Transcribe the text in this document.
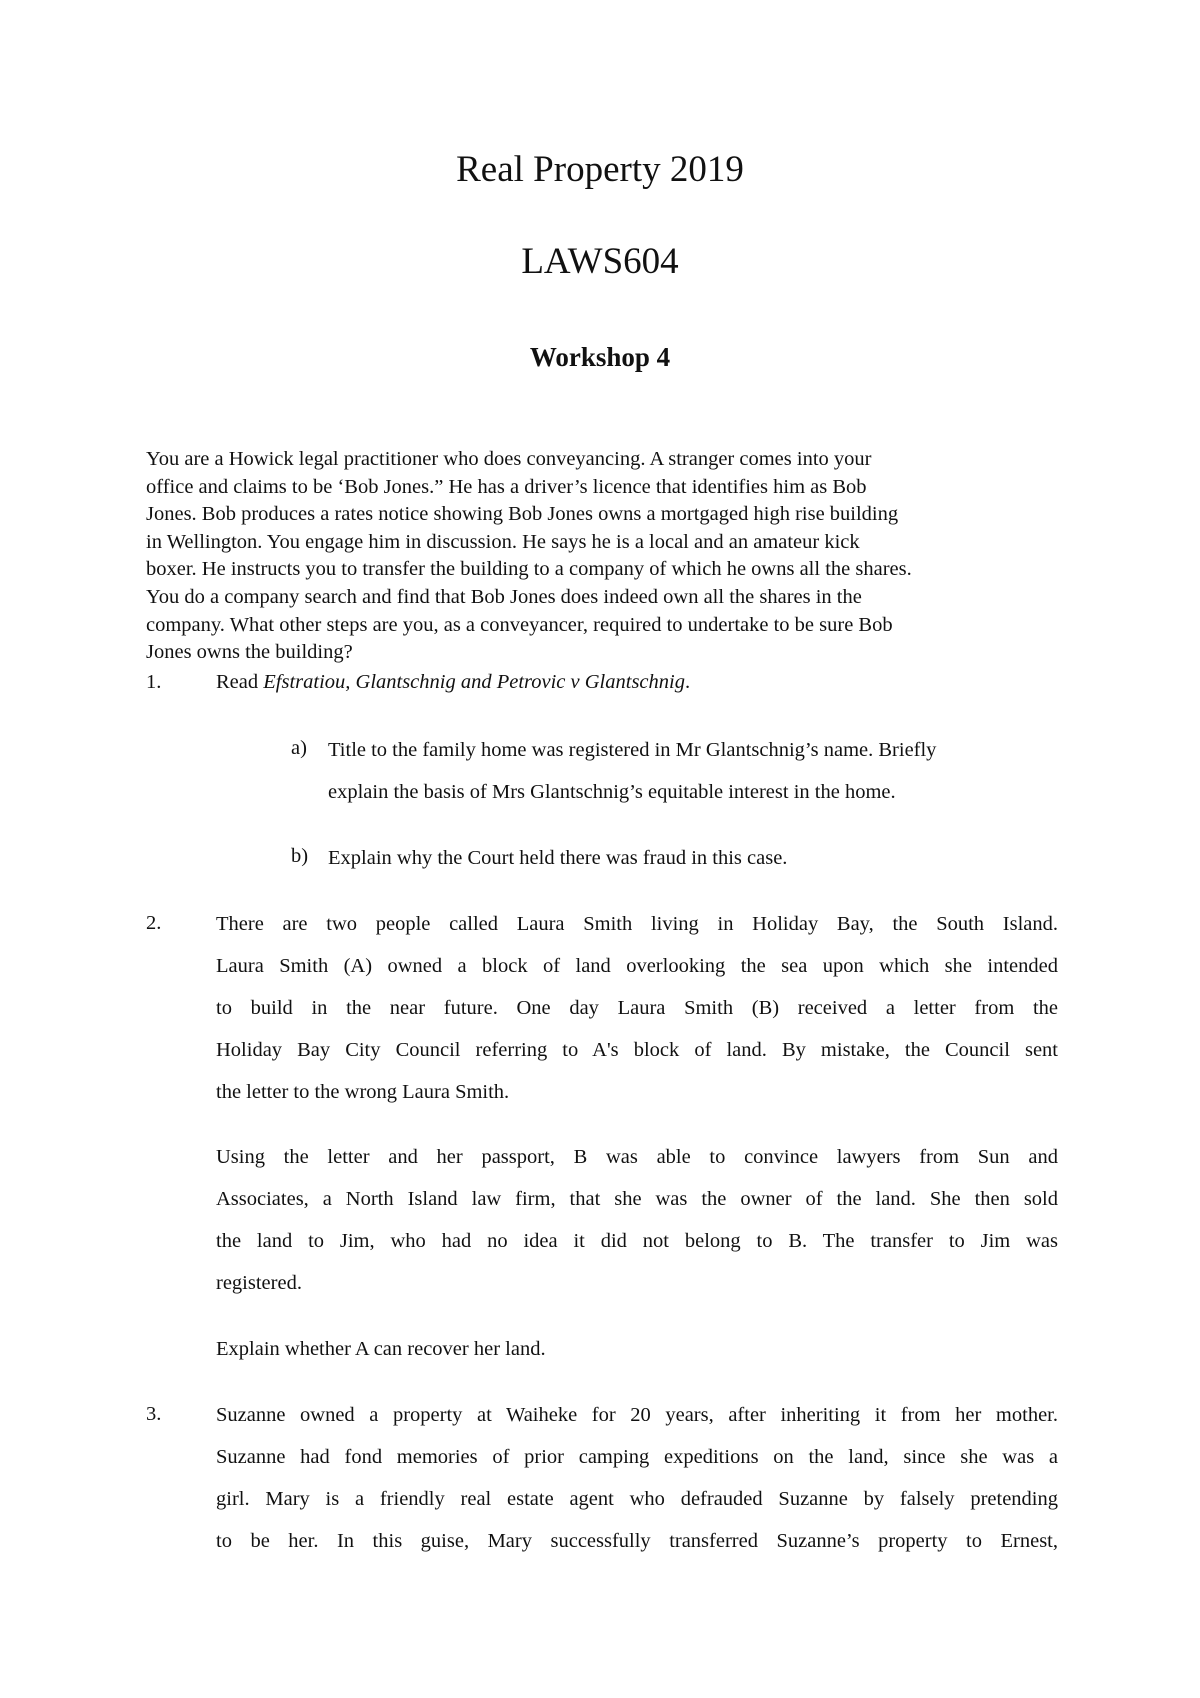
Real Property 2019
LAWS604
Workshop 4
You are a Howick legal practitioner who does conveyancing. A stranger comes into your
office and claims to be ‘Bob Jones.” He has a driver’s licence that identifies him as Bob
Jones. Bob produces a rates notice showing Bob Jones owns a mortgaged high rise building
in Wellington. You engage him in discussion. He says he is a local and an amateur kick
boxer. He instructs you to transfer the building to a company of which he owns all the shares.
You do a company search and find that Bob Jones does indeed own all the shares in the
company. What other steps are you, as a conveyancer, required to undertake to be sure Bob
Jones owns the building?
1.	Read Efstratiou, Glantschnig and Petrovic v Glantschnig.
a) Title to the family home was registered in Mr Glantschnig’s name. Briefly
explain the basis of Mrs Glantschnig’s equitable interest in the home.
b) Explain why the Court held there was fraud in this case.
2.	There are two people called Laura Smith living in Holiday Bay, the South Island.
Laura Smith (A) owned a block of land overlooking the sea upon which she intended
to build in the near future. One day Laura Smith (B) received a letter from the
Holiday Bay City Council referring to A's block of land. By mistake, the Council sent
the letter to the wrong Laura Smith.
Using the letter and her passport, B was able to convince lawyers from Sun and
Associates, a North Island law firm, that she was the owner of the land. She then sold
the land to Jim, who had no idea it did not belong to B. The transfer to Jim was
registered.
Explain whether A can recover her land.
3.	Suzanne owned a property at Waiheke for 20 years, after inheriting it from her mother.
Suzanne had fond memories of prior camping expeditions on the land, since she was a
girl. Mary is a friendly real estate agent who defrauded Suzanne by falsely pretending
to be her. In this guise, Mary successfully transferred Suzanne’s property to Ernest,
